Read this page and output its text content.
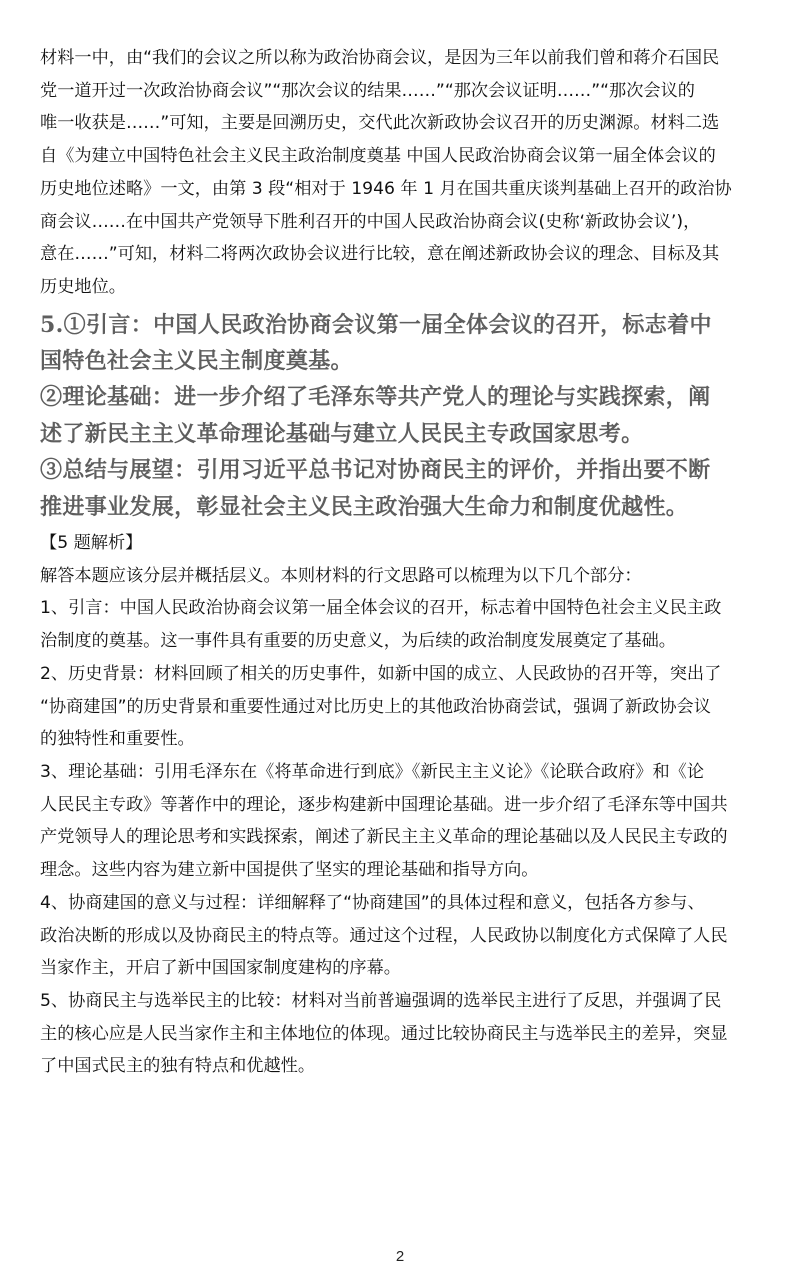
材料一中，由“我们的会议之所以称为政治协商会议，是因为三年以前我们曾和蒋介石国民
党一道开过一次政治协商会议”“那次会议的结果……”“那次会议证明……”“那次会议的
唯一收获是……”可知，主要是回溯历史，交代此次新政协会议召开的历史渊源。材料二选
自《为建立中国特色社会主义民主政治制度奠基 中国人民政治协商会议第一届全体会议的
历史地位述略》一文，由第 3 段“相对于 1946 年 1 月在国共重庆谈判基础上召开的政治协
商会议……在中国共产党领导下胜利召开的中国人民政治协商会议(史称‘新政协会议’)，
意在……”可知，材料二将两次政协会议进行比较，意在阐述新政协会议的理念、目标及其
历史地位。
5.①引言：中国人民政治协商会议第一届全体会议的召开，标志着中
国特色社会主义民主制度奠基。
②理论基础：进一步介绍了毛泽东等共产党人的理论与实践探索，阐
述了新民主主义革命理论基础与建立人民民主专政国家思考。
③总结与展望：引用习近平总书记对协商民主的评价，并指出要不断
推进事业发展，彰显社会主义民主政治强大生命力和制度优越性。
【5 题解析】
解答本题应该分层并概括层义。本则材料的行文思路可以梳理为以下几个部分：
1、引言：中国人民政治协商会议第一届全体会议的召开，标志着中国特色社会主义民主政
治制度的奠基。这一事件具有重要的历史意义，为后续的政治制度发展奠定了基础。
2、历史背景：材料回顾了相关的历史事件，如新中国的成立、人民政协的召开等，突出了
“协商建国”的历史背景和重要性通过对比历史上的其他政治协商尝试，强调了新政协会议
的独特性和重要性。
3、理论基础：引用毛泽东在《将革命进行到底》《新民主主义论》《论联合政府》和《论
人民民主专政》等著作中的理论，逐步构建新中国理论基础。进一步介绍了毛泽东等中国共
产党领导人的理论思考和实践探索，阐述了新民主主义革命的理论基础以及人民民主专政的
理念。这些内容为建立新中国提供了坚实的理论基础和指导方向。
4、协商建国的意义与过程：详细解释了“协商建国”的具体过程和意义，包括各方参与、
政治决断的形成以及协商民主的特点等。通过这个过程，人民政协以制度化方式保障了人民
当家作主，开启了新中国国家制度建构的序幕。
5、协商民主与选举民主的比较：材料对当前普遍强调的选举民主进行了反思，并强调了民
主的核心应是人民当家作主和主体地位的体现。通过比较协商民主与选举民主的差异，突显
了中国式民主的独有特点和优越性。
2
